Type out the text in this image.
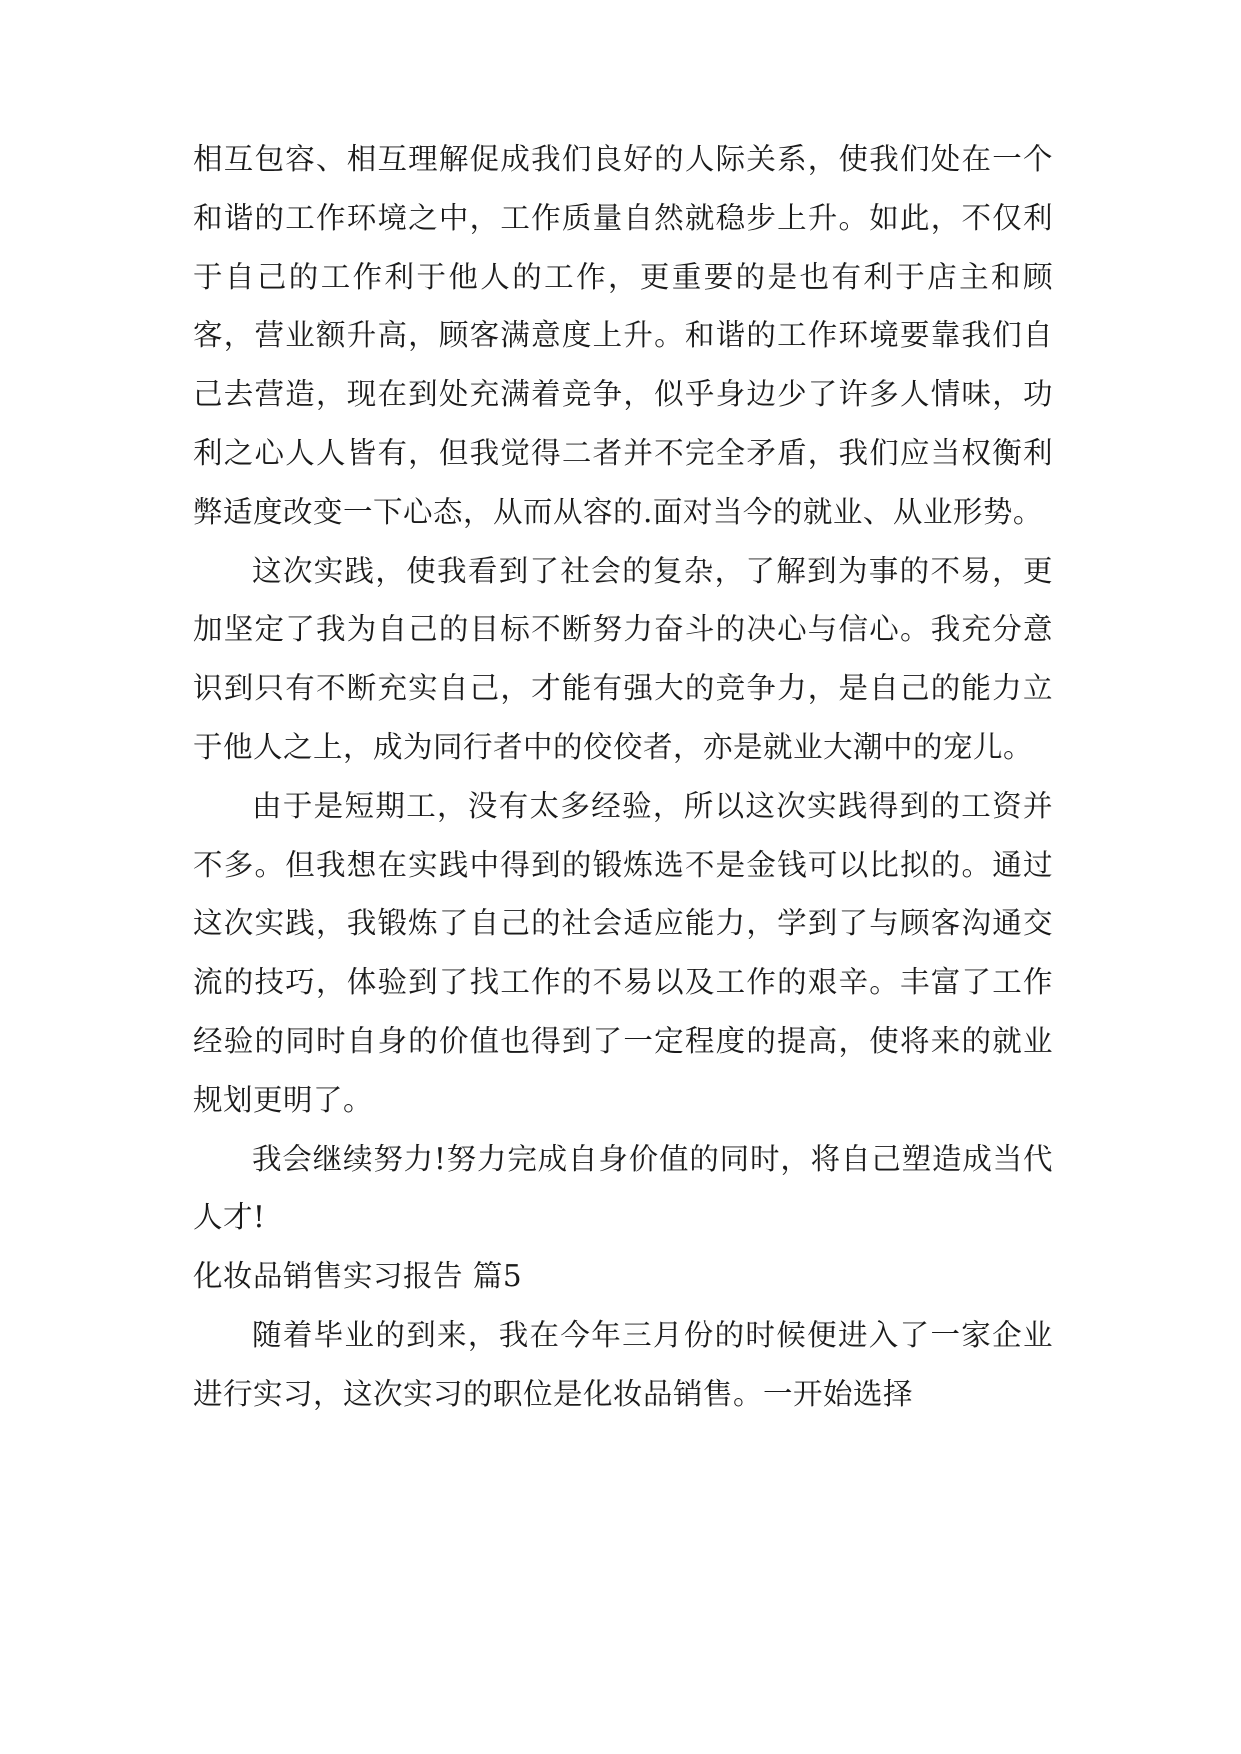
相互包容、相互理解促成我们良好的人际关系，使我们处在一个和谐的工作环境之中，工作质量自然就稳步上升。如此，不仅利于自己的工作利于他人的工作，更重要的是也有利于店主和顾客，营业额升高，顾客满意度上升。和谐的工作环境要靠我们自己去营造，现在到处充满着竞争，似乎身边少了许多人情味，功利之心人人皆有，但我觉得二者并不完全矛盾，我们应当权衡利弊适度改变一下心态，从而从容的.面对当今的就业、从业形势。

这次实践，使我看到了社会的复杂，了解到为事的不易，更加坚定了我为自己的目标不断努力奋斗的决心与信心。我充分意识到只有不断充实自己，才能有强大的竞争力，是自己的能力立于他人之上，成为同行者中的佼佼者，亦是就业大潮中的宠儿。

由于是短期工，没有太多经验，所以这次实践得到的工资并不多。但我想在实践中得到的锻炼选不是金钱可以比拟的。通过这次实践，我锻炼了自己的社会适应能力，学到了与顾客沟通交流的技巧，体验到了找工作的不易以及工作的艰辛。丰富了工作经验的同时自身的价值也得到了一定程度的提高，使将来的就业规划更明了。

我会继续努力!努力完成自身价值的同时，将自己塑造成当代人才!

化妆品销售实习报告 篇5

随着毕业的到来，我在今年三月份的时候便进入了一家企业进行实习，这次实习的职位是化妆品销售。一开始选择
